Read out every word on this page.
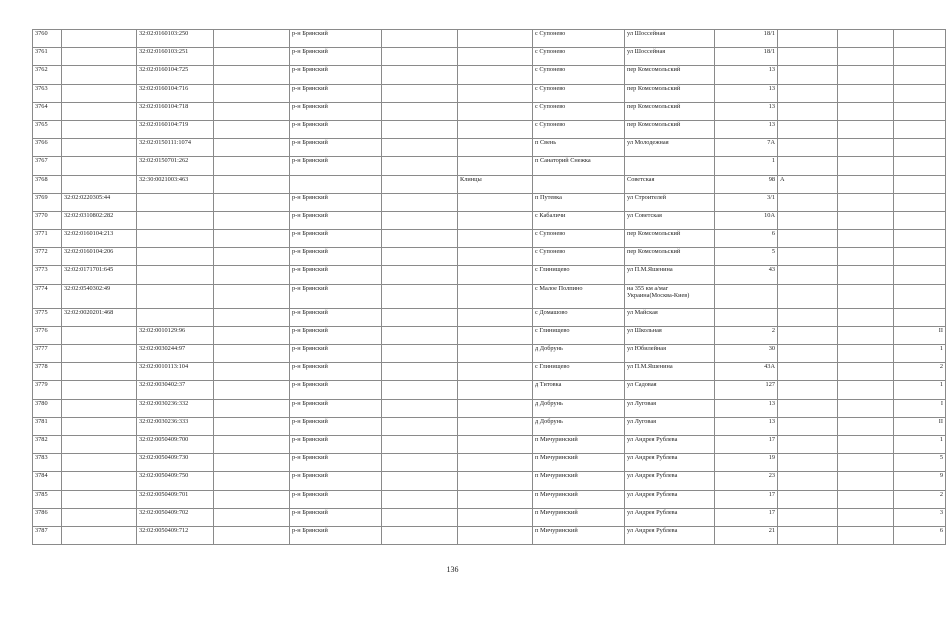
3760		32:02:0160103:250		р-н Брянский			с Супонево	ул Шоссейная	18/1			
3761		32:02:0160103:251		р-н Брянский			с Супонево	ул Шоссейная	18/1			
3762		32:02:0160104:725		р-н Брянский			с Супонево	пер Комсомольский	13			
3763		32:02:0160104:716		р-н Брянский			с Супонево	пер Комсомольский	13			
3764		32:02:0160104:718		р-н Брянский			с Супонево	пер Комсомольский	13			
3765		32:02:0160104:719		р-н Брянский			с Супонево	пер Комсомольский	13			
3766		32:02:0150111:1074		р-н Брянский			п Свень	ул Молодежная	7А			
3767		32:02:0150701:262		р-н Брянский			п Санаторий Снежка		1			
3768		32:30:0021003:463				Клинцы		Советская	98	А		
3769	32:02:0220305:44			р-н Брянский			п Путевка	ул Строителей	3/1			
3770	32:02:0310802:282			р-н Брянский			с Кабаличи	ул Советская	10А			
3771	32:02:0160104:213			р-н Брянский			с Супонево	пер Комсомольский	6			
3772	32:02:0160104:206			р-н Брянский			с Супонево	пер Комсомольский	5			
3773	32:02:0171701:645			р-н Брянский			с Глинищево	ул П.М.Яшенина	43			
3774	32:02:0540302:49			р-н Брянский			с Малое Полпино	на 355 км а/маг Украина(Москва-Киев)				
3775	32:02:0020201:468			р-н Брянский			с Домашово	ул Майская				
3776		32:02:0010129:96		р-н Брянский			с Глинищево	ул Школьная	2			II
3777		32:02:0030244:97		р-н Брянский			д Добрунь	ул Юбилейная	30			1
3778		32:02:0010113:104		р-н Брянский			с Глинищево	ул П.М.Яшенина	43А			2
3779		32:02:0030402:37		р-н Брянский			д Титовка	ул Садовая	127			1
3780		32:02:0030236:332		р-н Брянский			д Добрунь	ул Луговая	13			I
3781		32:02:0030236:333		р-н Брянский			д Добрунь	ул Луговая	13			II
3782		32:02:0050409:700		р-н Брянский			п Мичуринский	ул Андрея Рублева	17			1
3783		32:02:0050409:730		р-н Брянский			п Мичуринский	ул Андрея Рублева	19			5
3784		32:02:0050409:750		р-н Брянский			п Мичуринский	ул Андрея Рублева	23			9
3785		32:02:0050409:701		р-н Брянский			п Мичуринский	ул Андрея Рублева	17			2
3786		32:02:0050409:702		р-н Брянский			п Мичуринский	ул Андрея Рублева	17			3
3787		32:02:0050409:712		р-н Брянский			п Мичуринский	ул Андрея Рублева	21			6
136
